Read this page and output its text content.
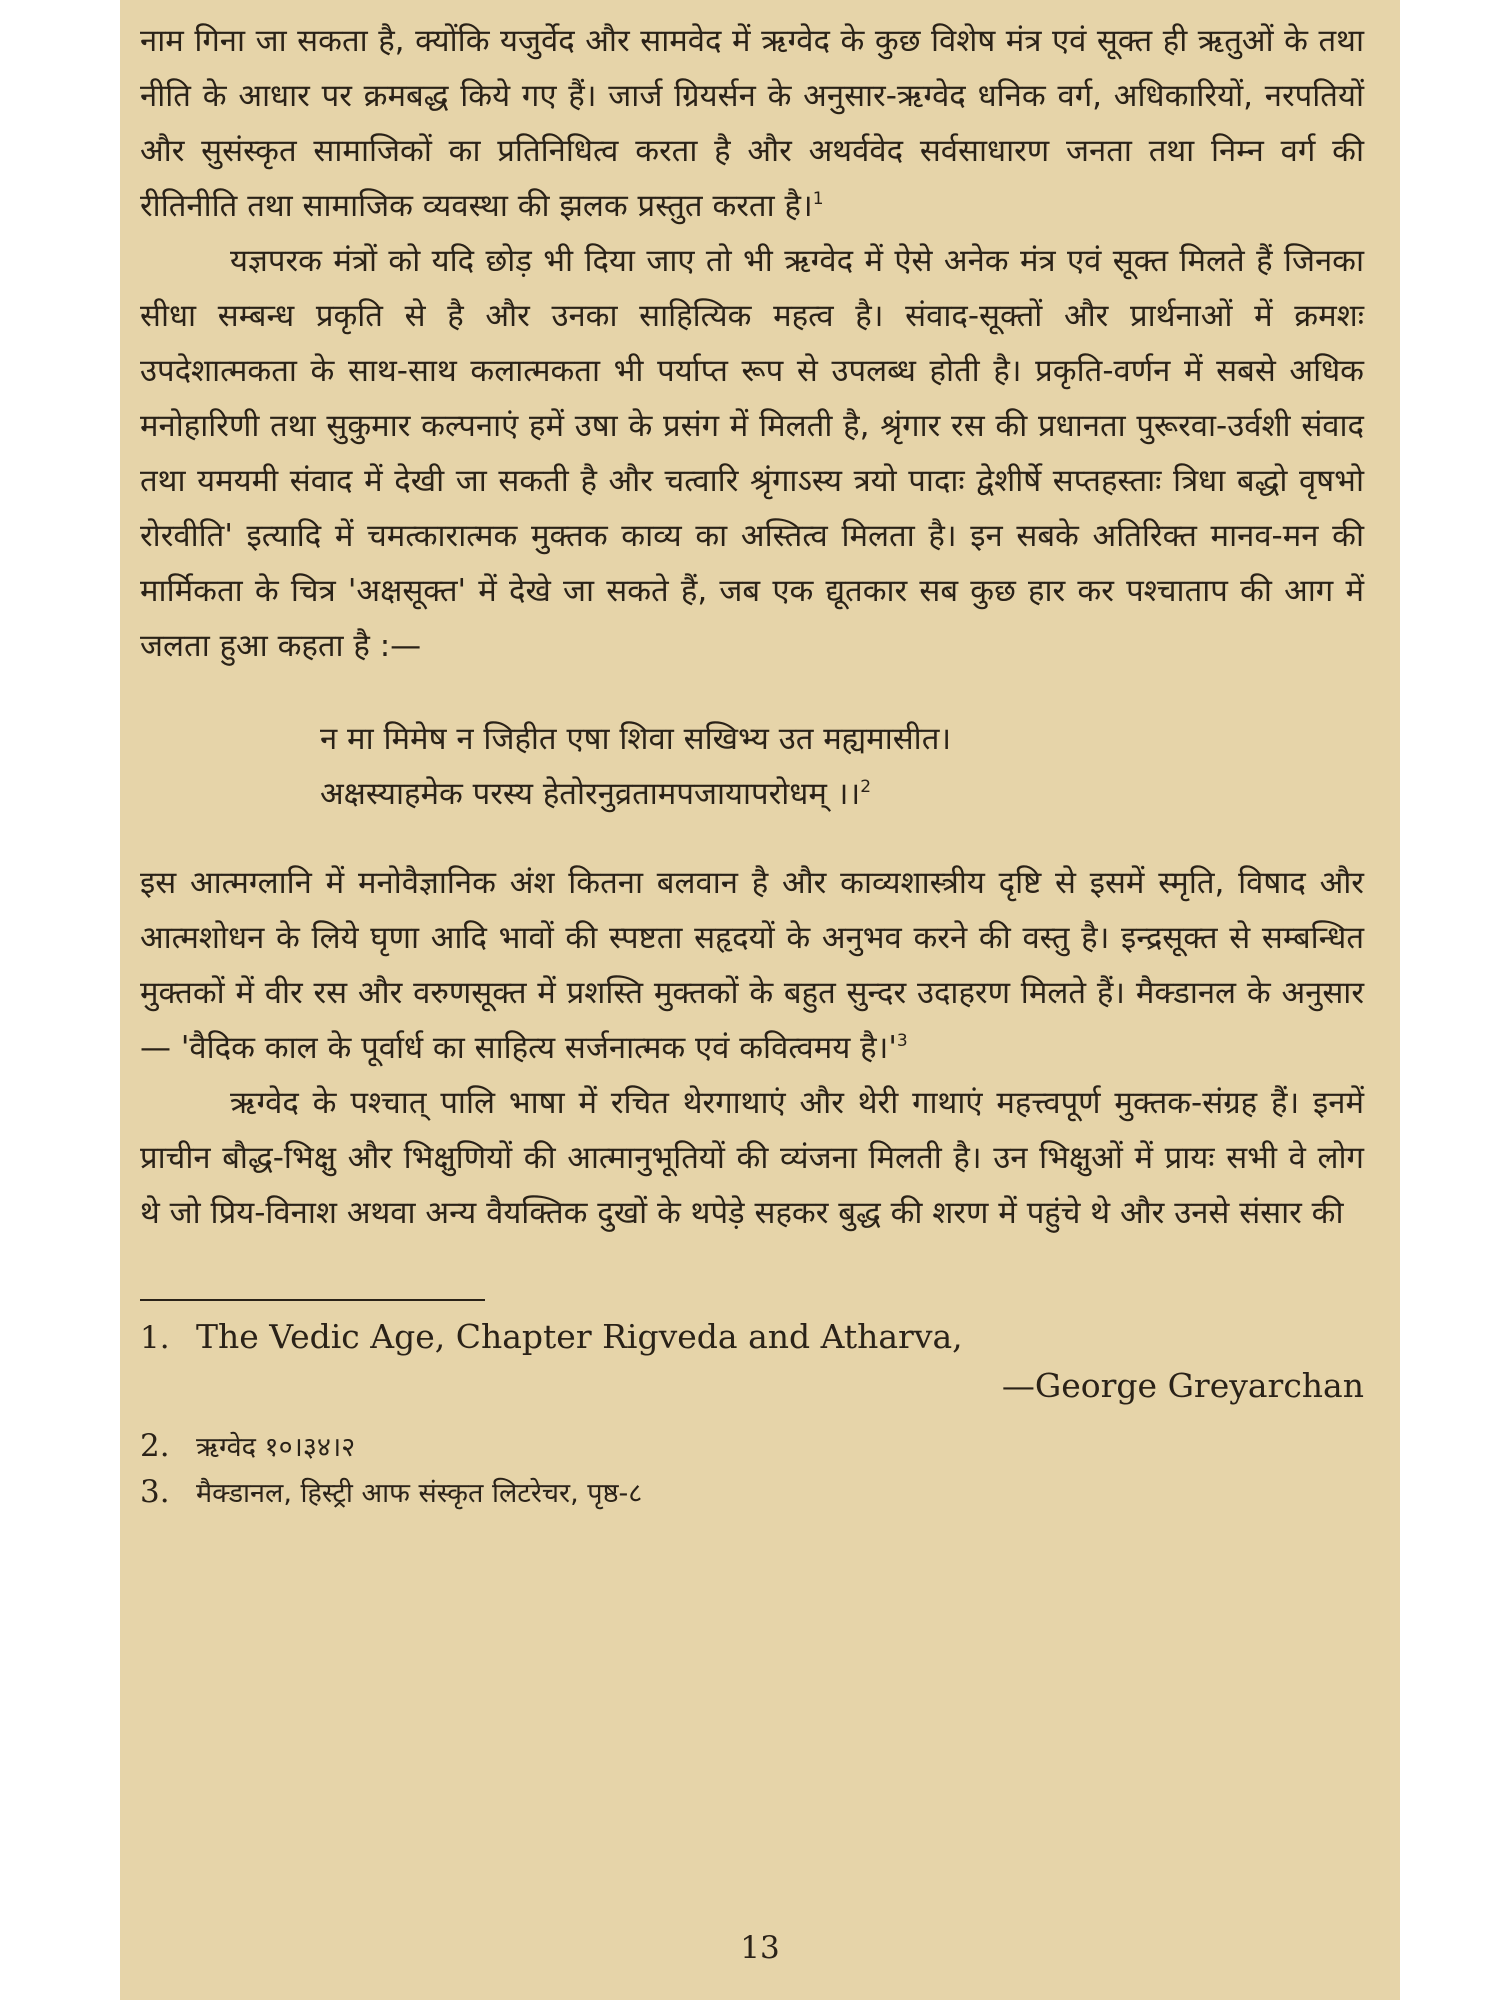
नाम गिना जा सकता है, क्योंकि यजुर्वेद और सामवेद में ऋग्वेद के कुछ विशेष मंत्र एवं सूक्त ही ऋतुओं के तथा नीति के आधार पर क्रमबद्ध किये गए हैं। जार्ज ग्रियर्सन के अनुसार-ऋग्वेद धनिक वर्ग, अधिकारियों, नरपतियों और सुसंस्कृत सामाजिकों का प्रतिनिधित्व करता है और अथर्ववेद सर्वसाधारण जनता तथा निम्न वर्ग की रीतिनीति तथा सामाजिक व्यवस्था की झलक प्रस्तुत करता है।$^1$

यज्ञपरक मंत्रों को यदि छोड़ भी दिया जाए तो भी ऋग्वेद में ऐसे अनेक मंत्र एवं सूक्त मिलते हैं जिनका सीधा सम्बन्ध प्रकृति से है और उनका साहित्यिक महत्व है। संवाद-सूक्तों और प्रार्थनाओं में क्रमशः उपदेशात्मकता के साथ-साथ कलात्मकता भी पर्याप्त रूप से उपलब्ध होती है। प्रकृति-वर्णन में सबसे अधिक मनोहारिणी तथा सुकुमार कल्पनाएं हमें उषा के प्रसंग में मिलती है, श्रृंगार रस की प्रधानता पुरूरवा-उर्वशी संवाद तथा यमयमी संवाद में देखी जा सकती है और चत्वारि श्रृंगाऽस्य त्रयो पादाः द्वेशीर्षे सप्तहस्ताः त्रिधा बद्धो वृषभो रोरवीति' इत्यादि में चमत्कारात्मक मुक्तक काव्य का अस्तित्व मिलता है। इन सबके अतिरिक्त मानव-मन की मार्मिकता के चित्र 'अक्षसूक्त' में देखे जा सकते हैं, जब एक द्यूतकार सब कुछ हार कर पश्चाताप की आग में जलता हुआ कहता है :—

न मा मिमेष न जिहीत एषा शिवा सखिभ्य उत मह्यमासीत।
अक्षस्याहमेक परस्य हेतोरनुव्रतामपजायापरोधम् ।।$^2$

इस आत्मग्लानि में मनोवैज्ञानिक अंश कितना बलवान है और काव्यशास्त्रीय दृष्टि से इसमें स्मृति, विषाद और आत्मशोधन के लिये घृणा आदि भावों की स्पष्टता सहृदयों के अनुभव करने की वस्तु है। इन्द्रसूक्त से सम्बन्धित मुक्तकों में वीर रस और वरुणसूक्त में प्रशस्ति मुक्तकों के बहुत सुन्दर उदाहरण मिलते हैं। मैक्डानल के अनुसार— 'वैदिक काल के पूर्वार्ध का साहित्य सर्जनात्मक एवं कवित्वमय $है।'^3$

ऋग्वेद के पश्चात् पालि भाषा में रचित थेरगाथाएं और थेरी गाथाएं महत्त्वपूर्ण मुक्तक-संग्रह हैं। इनमें प्राचीन बौद्ध-भिक्षु और भिक्षुणियों की आत्मानुभूतियों की व्यंजना मिलती है। उन भिक्षुओं में प्रायः सभी वे लोग थे जो प्रिय-विनाश अथवा अन्य वैयक्तिक दुखों के थपेड़े सहकर बुद्ध की शरण में पहुंचे थे और उनसे संसार की

1. The Vedic Age, Chapter Rigveda and Atharva,

—George Greyarchan

2. ऋग्वेद १०।३४।२

3. मैक्डानल, हिस्ट्री आफ संस्कृत लिटरेचर, पृष्ठ-८

13
